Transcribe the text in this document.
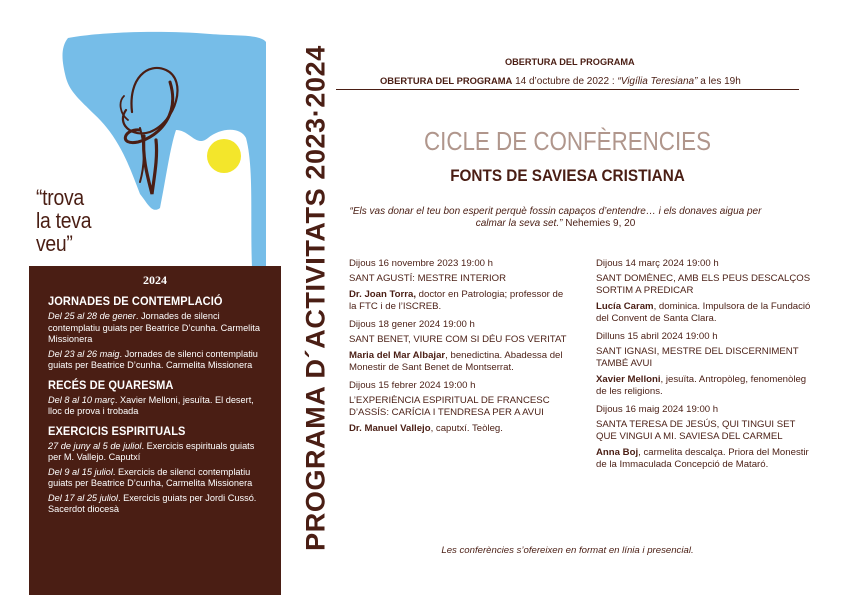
“trova
la teva
veu”
2024
JORNADES DE CONTEMPLACIÓ
Del 25 al 28 de gener. Jornades de silenci contemplatiu guiats per Beatrice D’cunha. Carmelita Missionera
Del 23 al 26 maig. Jornades de silenci contemplatiu guiats per Beatrice D’cunha. Carmelita Missionera
RECÉS DE QUARESMA
Del 8 al 10 març. Xavier Melloni, jesuïta. El desert, lloc de prova i trobada
EXERCICIS ESPIRITUALS
27 de juny al 5 de juliol. Exercicis espirituals guiats per M. Vallejo. Caputxí
Del 9 al 15 juliol. Exercicis de silenci contemplatiu guiats per Beatrice D’cunha, Carmelita Missionera
Del 17 al 25 juliol. Exercicis guiats per Jordi Cussó. Sacerdot diocesà	PROGRAMA D´ACTIVITATS 2023·2024	OBERTURA DEL PROGRAMA
OBERTURA DEL PROGRAMA 14 d’octubre de 2022 : “Vigília Teresiana” a les 19h
CICLE DE CONFÈRENCIES
FONTS DE SAVIESA CRISTIANA
“Els vas donar el teu bon esperit perquè fossin capaços d’entendre… i els donaves aigua per calmar la seva set.” Nehemies 9, 20
Dijous 16 novembre 2023 19:00 h
SANT AGUSTÍ: MESTRE INTERIOR
Dr. Joan Torra, doctor en Patrologia; professor de la FTC i de l’ISCREB.
Dijous 18 gener 2024 19:00 h
SANT BENET, VIURE COM SI DÉU FOS VERITAT
Maria del Mar Albajar, benedictina. Abadessa del Monestir de Sant Benet de Montserrat.
Dijous 15 febrer 2024 19:00 h
L’EXPERIÈNCIA ESPIRITUAL DE FRANCESC D’ASSÍS: CARÍCIA I TENDRESA PER A AVUI
Dr. Manuel Vallejo, caputxí. Teòleg.
Dijous 14 març 2024 19:00 h
SANT DOMÈNEC, AMB ELS PEUS DESCALÇOS SORTIM A PREDICAR
Lucía Caram, dominica. Impulsora de la Fundació del Convent de Santa Clara.
Dilluns 15 abril 2024 19:00 h
SANT IGNASI, MESTRE DEL DISCERNIMENT TAMBÉ AVUI
Xavier Melloni, jesuïta. Antropòleg, fenomenòleg de les religions.
Dijous 16 maig 2024 19:00 h
SANTA TERESA DE JESÚS, QUI TINGUI SET QUE VINGUI A MI. SAVIESA DEL CARMEL
Anna Boj, carmelita descalça. Priora del Monestir de la Immaculada Concepció de Mataró.
Les conferències s’ofereixen en format en línia i presencial.
